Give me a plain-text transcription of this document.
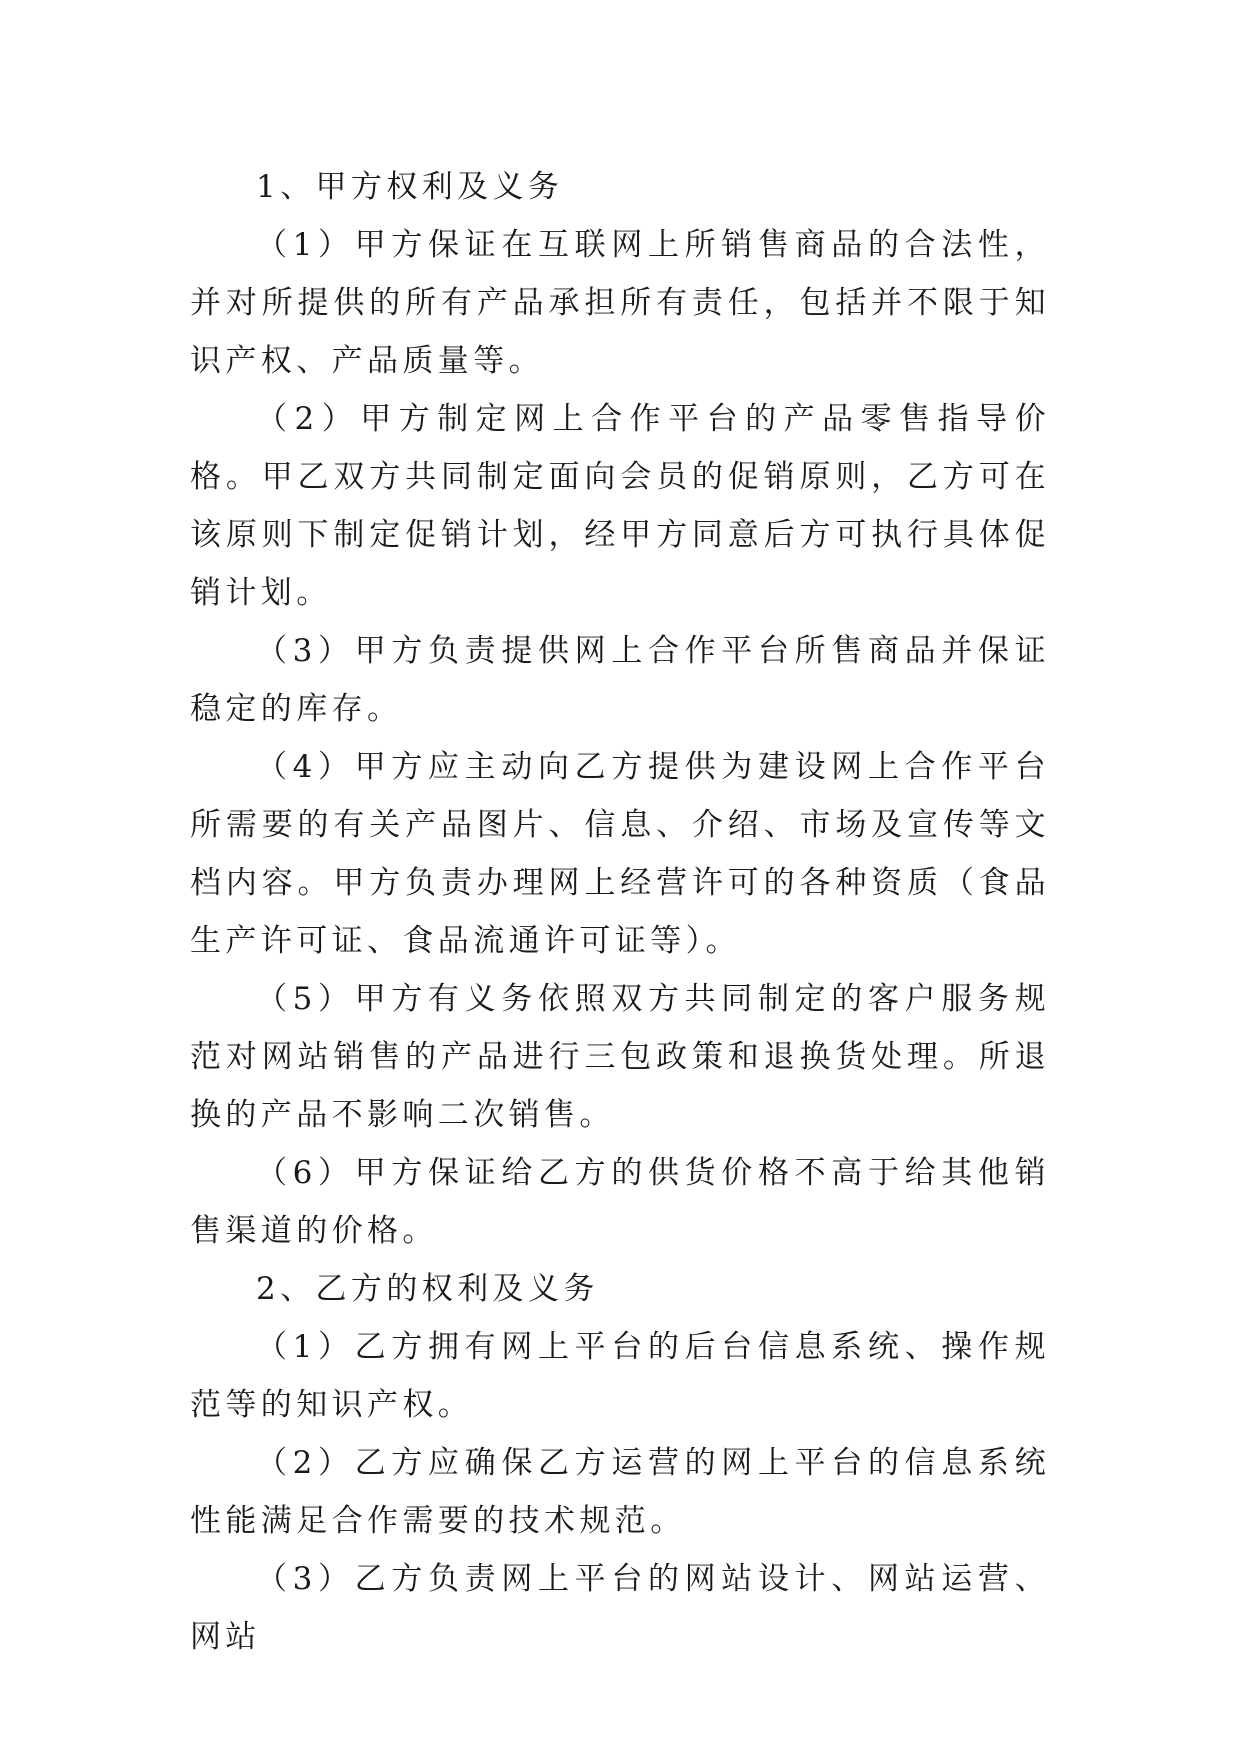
1、甲方权利及义务

（1）甲方保证在互联网上所销售商品的合法性，并对所提供的所有产品承担所有责任，包括并不限于知识产权、产品质量等。

（2）甲方制定网上合作平台的产品零售指导价格。甲乙双方共同制定面向会员的促销原则，乙方可在该原则下制定促销计划，经甲方同意后方可执行具体促销计划。

（3）甲方负责提供网上合作平台所售商品并保证稳定的库存。

（4）甲方应主动向乙方提供为建设网上合作平台所需要的有关产品图片、信息、介绍、市场及宣传等文档内容。甲方负责办理网上经营许可的各种资质（食品生产许可证、食品流通许可证等）。

（5）甲方有义务依照双方共同制定的客户服务规范对网站销售的产品进行三包政策和退换货处理。所退换的产品不影响二次销售。

（6）甲方保证给乙方的供货价格不高于给其他销售渠道的价格。

2、乙方的权利及义务

（1）乙方拥有网上平台的后台信息系统、操作规范等的知识产权。

（2）乙方应确保乙方运营的网上平台的信息系统性能满足合作需要的技术规范。

（3）乙方负责网上平台的网站设计、网站运营、网站
